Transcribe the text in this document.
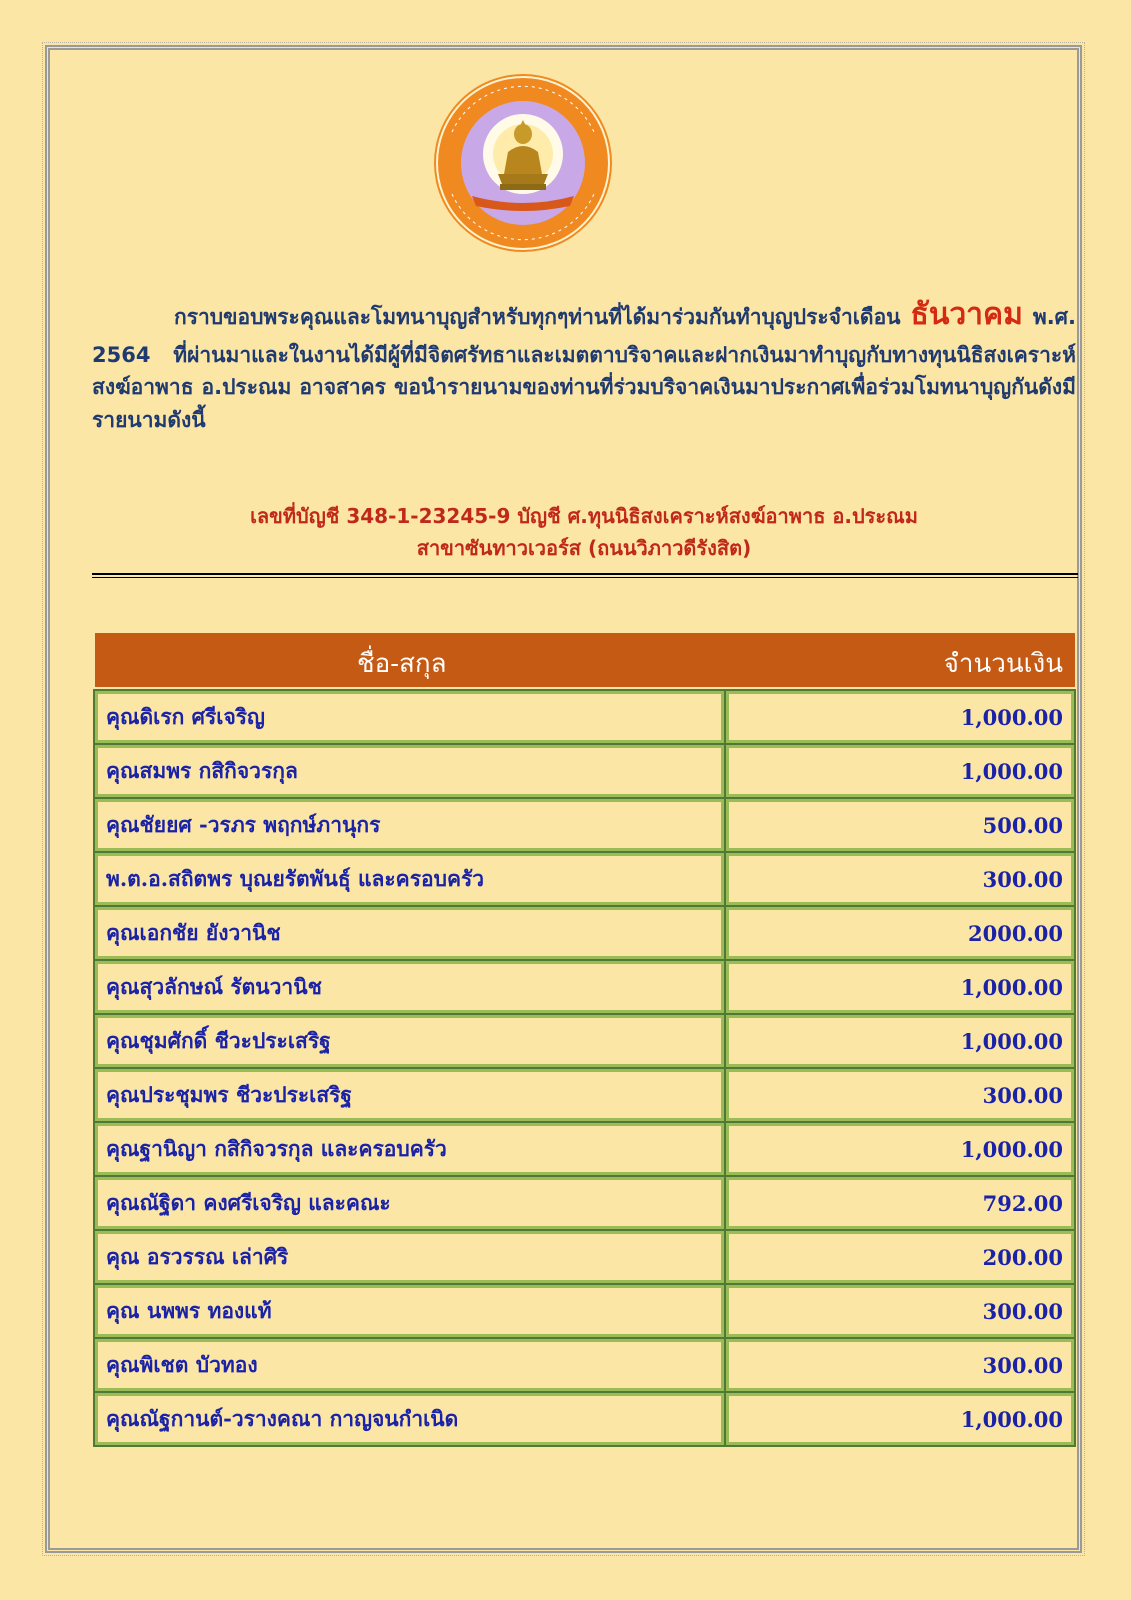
กราบขอบพระคุณและโมทนาบุญสำหรับทุกๆท่านที่ได้มาร่วมกันทำบุญประจำเดือน ธันวาคม พ.ศ. 2564 ที่ผ่านมาและในงานได้มีผู้ที่มีจิตศรัทธาและเมตตาบริจาคและฝากเงินมาทำบุญกับทางทุนนิธิสงเคราะห์สงฆ์อาพาธ อ.ประณม อาจสาคร ขอนำรายนามของท่านที่ร่วมบริจาคเงินมาประกาศเพื่อร่วมโมทนาบุญกันดังมีรายนามดังนี้

เลขที่บัญชี 348-1-23245-9 บัญชี ศ.ทุนนิธิสงเคราะห์สงฆ์อาพาธ อ.ประณม
สาขาซันทาวเวอร์ส (ถนนวิภาวดีรังสิต)
ชื่อ-สกุล	จำนวนเงิน
คุณดิเรก ศรีเจริญ	1,000.00
คุณสมพร กสิกิจวรกุล	1,000.00
คุณชัยยศ -วรภร พฤกษ์ภานุกร	500.00
พ.ต.อ.สถิตพร บุณยรัตพันธุ์ และครอบครัว	300.00
คุณเอกชัย ยังวานิช	2000.00
คุณสุวลักษณ์ รัตนวานิช	1,000.00
คุณชุมศักดิ์ ชีวะประเสริฐ	1,000.00
คุณประชุมพร ชีวะประเสริฐ	300.00
คุณฐานิญา กสิกิจวรกุล และครอบครัว	1,000.00
คุณณัฐิดา คงศรีเจริญ และคณะ	792.00
คุณ อรวรรณ เล่าศิริ	200.00
คุณ นพพร ทองแท้	300.00
คุณพิเชต บัวทอง	300.00
คุณณัฐกานต์-วรางคณา กาญจนกำเนิด	1,000.00
